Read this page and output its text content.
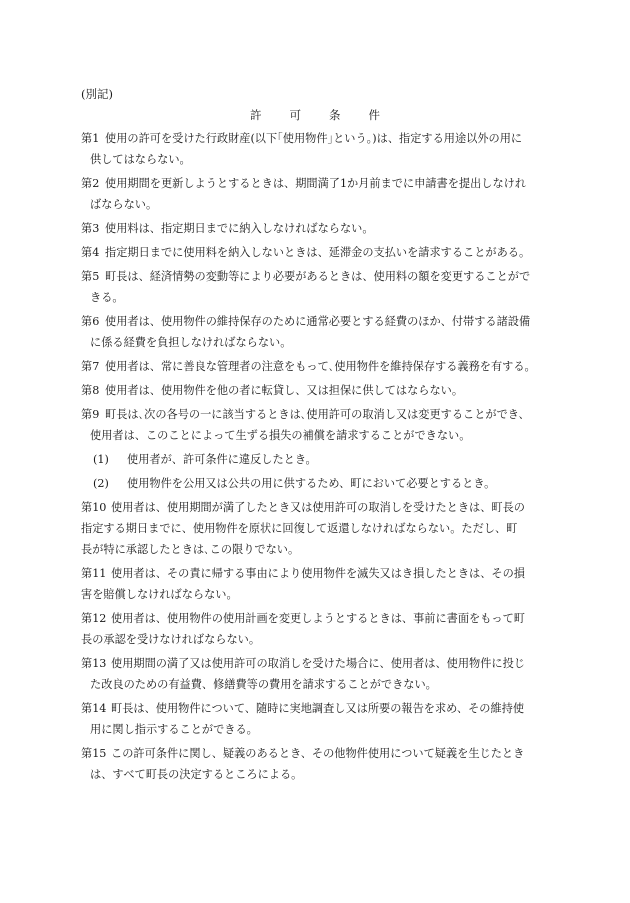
(別記)
許 可 条 件
第1 使用の許可を受けた行政財産(以下｢使用物件｣という｡)は、指定する用途以外の用に
供してはならない。
第2 使用期間を更新しようとするときは、期間満了1か月前までに申請書を提出しなけれ
ばならない。
第3 使用料は、指定期日までに納入しなければならない。
第4 指定期日までに使用料を納入しないときは、延滞金の支払いを請求することがある。
第5 町長は、経済情勢の変動等により必要があるときは、使用料の額を変更することがで
きる。
第6 使用者は、使用物件の維持保存のために通常必要とする経費のほか、付帯する諸設備
に係る経費を負担しなければならない。
第7 使用者は、常に善良な管理者の注意をもって､使用物件を維持保存する義務を有する。
第8 使用者は、使用物件を他の者に転貸し、又は担保に供してはならない。
第9 町長は､次の各号の一に該当するときは､使用許可の取消し又は変更することができ、
使用者は、このことによって生ずる損失の補償を請求することができない。
(1) 使用者が、許可条件に違反したとき。
(2) 使用物件を公用又は公共の用に供するため、町において必要とするとき。
第10 使用者は、使用期間が満了したとき又は使用許可の取消しを受けたときは、町長の
指定する期日までに、使用物件を原状に回復して返還しなければならない。ただし、町
長が特に承認したときは､この限りでない。
第11 使用者は、その責に帰する事由により使用物件を滅失又はき損したときは、その損
害を賠償しなければならない。
第12 使用者は、使用物件の使用計画を変更しようとするときは、事前に書面をもって町
長の承認を受けなければならない。
第13 使用期間の満了又は使用許可の取消しを受けた場合に、使用者は、使用物件に投じ
た改良のための有益費、修繕費等の費用を請求することができない。
第14 町長は、使用物件について、随時に実地調査し又は所要の報告を求め、その維持使
用に関し指示することができる。
第15 この許可条件に関し、疑義のあるとき、その他物件使用について疑義を生じたとき
は、すべて町長の決定するところによる。
